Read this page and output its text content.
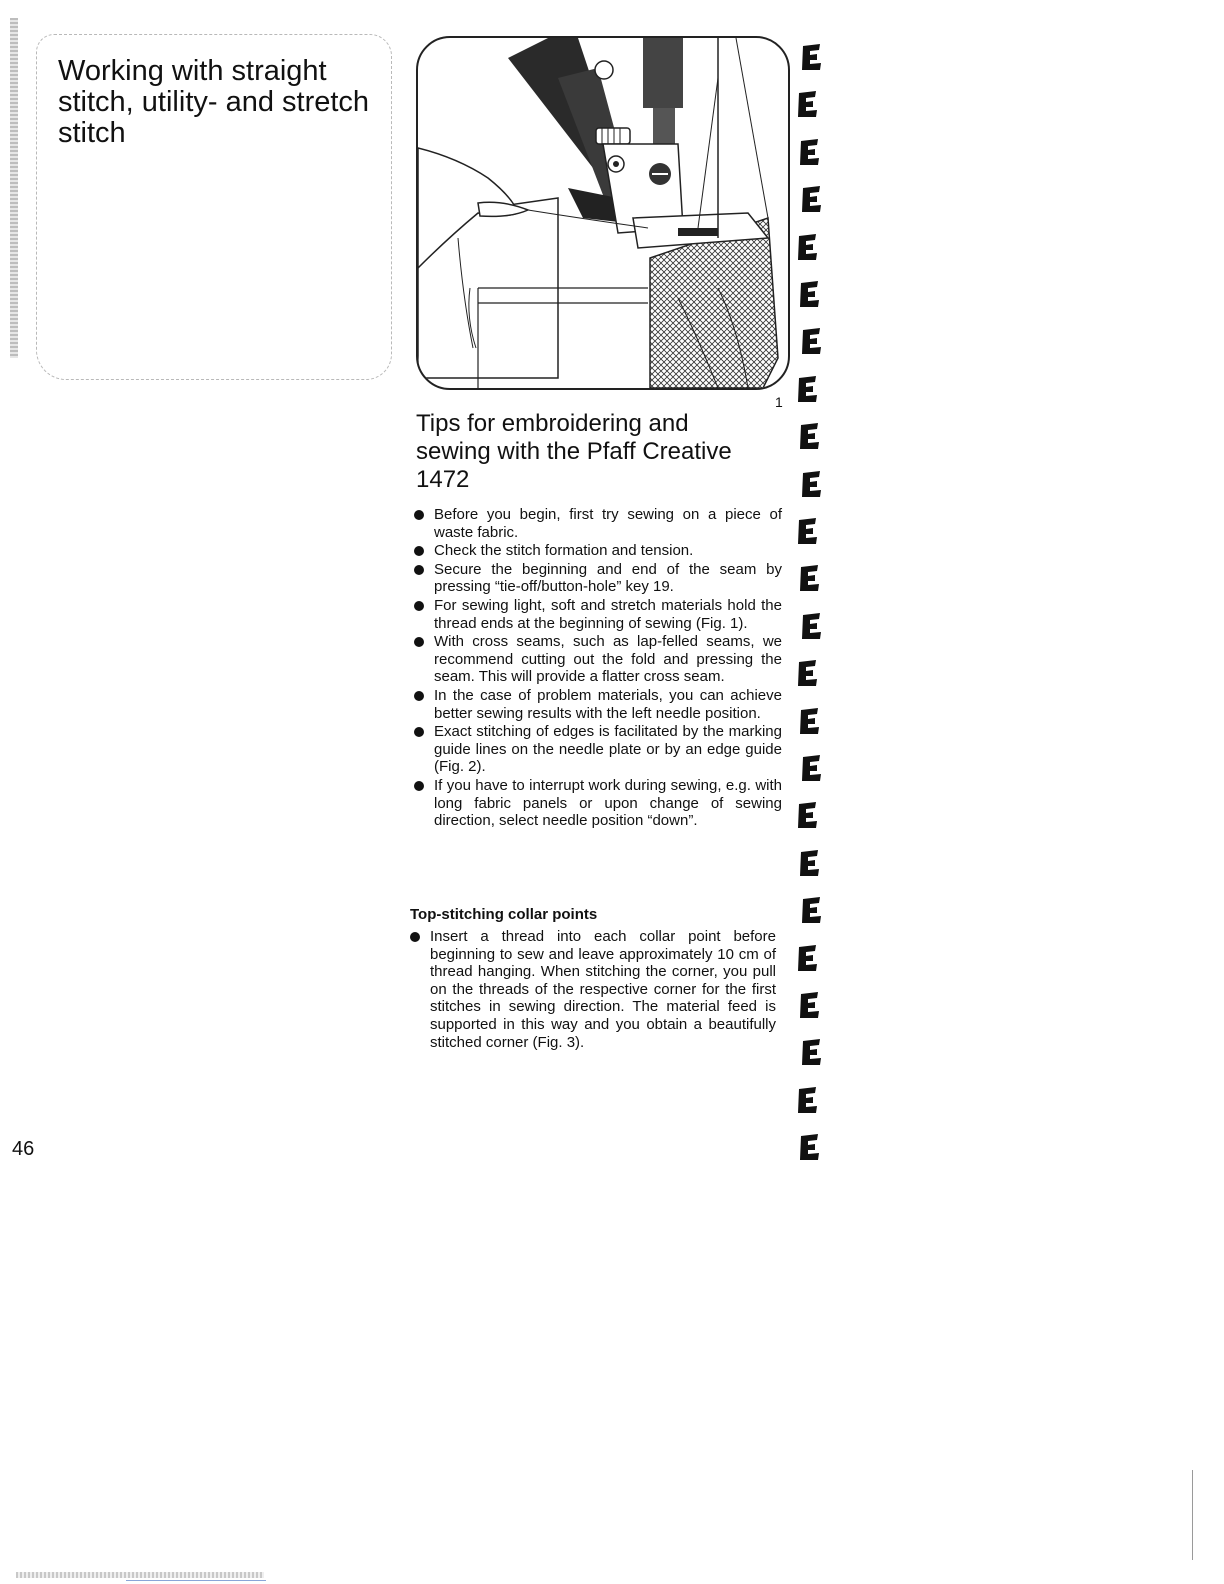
Working with straight stitch, utility- and stretch stitch
1
Tips for embroidering and sewing with the Pfaff Creative 1472
Before you begin, first try sewing on a piece of waste fabric.
Check the stitch formation and tension.
Secure the beginning and end of the seam by pressing “tie-off/button-hole” key 19.
For sewing light, soft and stretch materials hold the thread ends at the beginning of sewing (Fig. 1).
With cross seams, such as lap-felled seams, we recommend cutting out the fold and pressing the seam. This will provide a flatter cross seam.
In the case of problem materials, you can achieve better sewing results with the left needle position.
Exact stitching of edges is facilitated by the marking guide lines on the needle plate or by an edge guide (Fig. 2).
If you have to interrupt work during sewing, e.g. with long fabric panels or upon change of sewing direction, select needle position “down”.
Top-stitching collar points
Insert a thread into each collar point before beginning to sew and leave approximately 10 cm of thread hanging. When stitching the corner, you pull on the threads of the respective corner for the first stitches in sewing direction. The material feed is supported in this way and you obtain a beautifully stitched corner (Fig. 3).
46
